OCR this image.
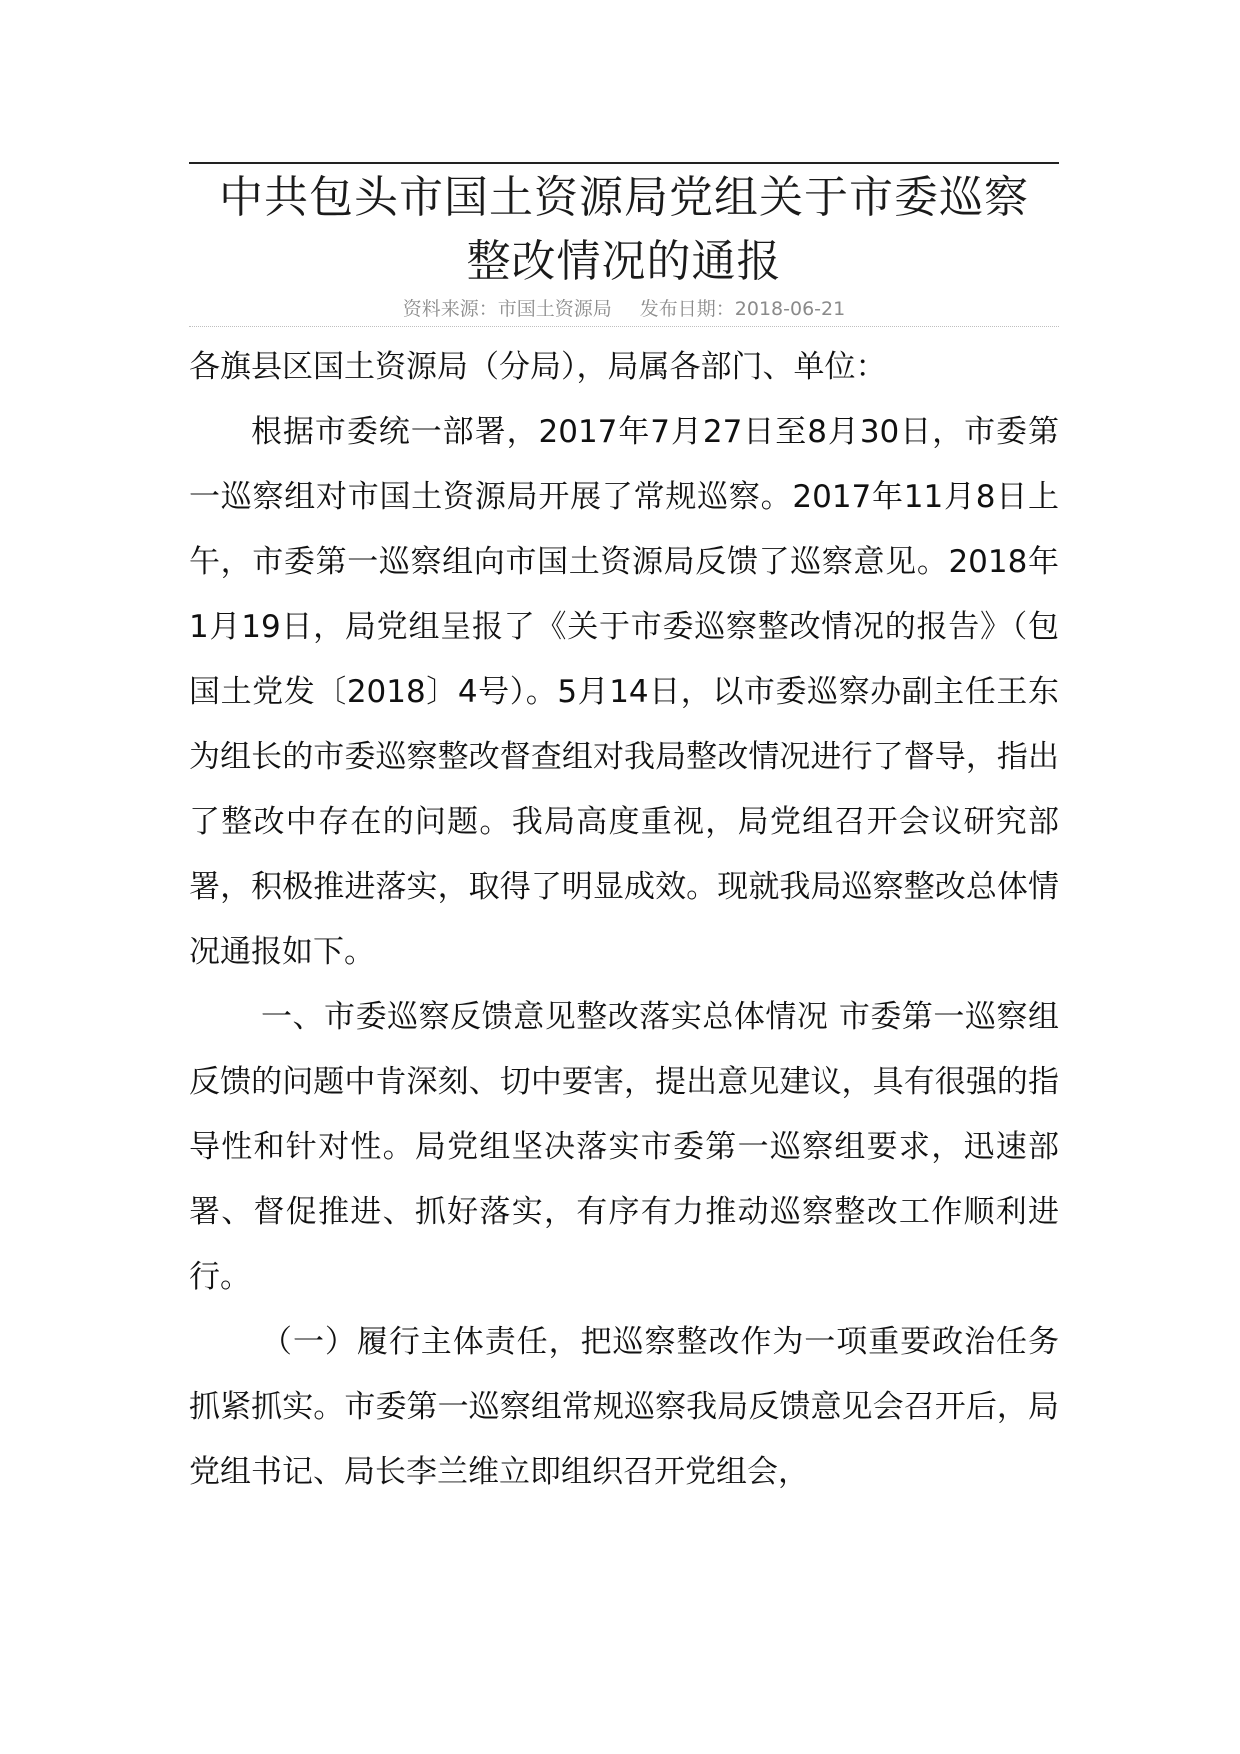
中共包头市国土资源局党组关于市委巡察
整改情况的通报
资料来源：市国土资源局 发布日期：2018-06-21

各旗县区国土资源局（分局），局属各部门、单位：

根据市委统一部署，2017年7月27日至8月30日，市委第一巡察组对市国土资源局开展了常规巡察。2017年11月8日上午，市委第一巡察组向市国土资源局反馈了巡察意见。2018年1月19日，局党组呈报了《关于市委巡察整改情况的报告》（包国土党发〔2018〕4号）。5月14日，以市委巡察办副主任王东为组长的市委巡察整改督查组对我局整改情况进行了督导，指出了整改中存在的问题。我局高度重视，局党组召开会议研究部署，积极推进落实，取得了明显成效。现就我局巡察整改总体情况通报如下。

一、市委巡察反馈意见整改落实总体情况 市委第一巡察组反馈的问题中肯深刻、切中要害，提出意见建议，具有很强的指导性和针对性。局党组坚决落实市委第一巡察组要求，迅速部署、督促推进、抓好落实，有序有力推动巡察整改工作顺利进行。

（一）履行主体责任，把巡察整改作为一项重要政治任务抓紧抓实。市委第一巡察组常规巡察我局反馈意见会召开后，局党组书记、局长李兰维立即组织召开党组会，
